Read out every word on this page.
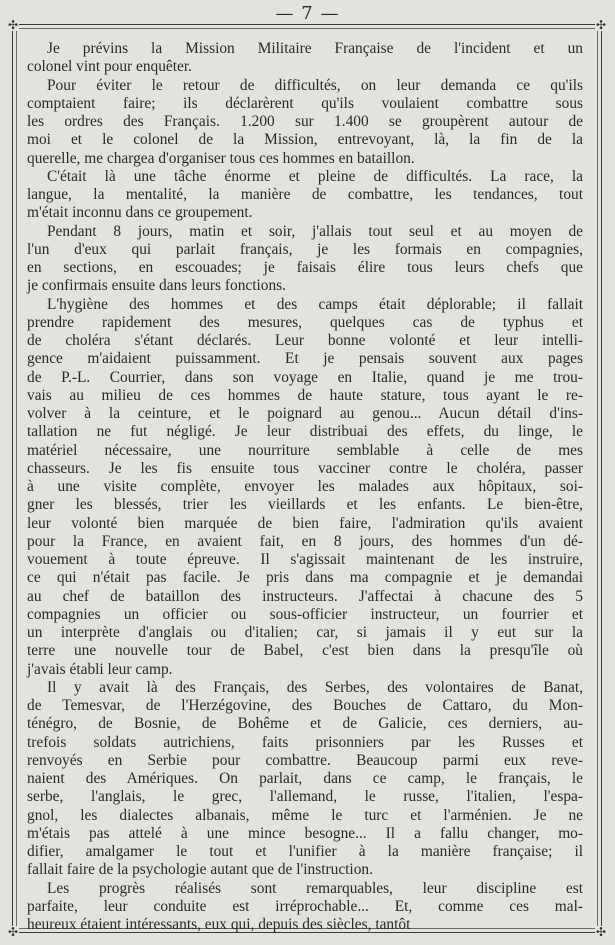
— 7 —
✣	✣
✣	✣
Je prévins la Mission Militaire Française de l'incident et un
colonel vint pour enquêter.
Pour éviter le retour de difficultés, on leur demanda ce qu'ils
comptaient faire; ils déclarèrent qu'ils voulaient combattre sous
les ordres des Français. 1.200 sur 1.400 se groupèrent autour de
moi et le colonel de la Mission, entrevoyant, là, la fin de la
querelle, me chargea d'organiser tous ces hommes en bataillon.
C'était là une tâche énorme et pleine de difficultés. La race, la
langue, la mentalité, la manière de combattre, les tendances, tout
m'était inconnu dans ce groupement.
Pendant 8 jours, matin et soir, j'allais tout seul et au moyen de
l'un d'eux qui parlait français, je les formais en compagnies,
en sections, en escouades; je faisais élire tous leurs chefs que
je confirmais ensuite dans leurs fonctions.
L'hygiène des hommes et des camps était déplorable; il fallait
prendre rapidement des mesures, quelques cas de typhus et
de choléra s'étant déclarés. Leur bonne volonté et leur intelli-
gence m'aidaient puissamment. Et je pensais souvent aux pages
de P.-L. Courrier, dans son voyage en Italie, quand je me trou-
vais au milieu de ces hommes de haute stature, tous ayant le re-
volver à la ceinture, et le poignard au genou... Aucun détail d'ins-
tallation ne fut négligé. Je leur distribuai des effets, du linge, le
matériel nécessaire, une nourriture semblable à celle de mes
chasseurs. Je les fis ensuite tous vacciner contre le choléra, passer
à une visite complète, envoyer les malades aux hôpitaux, soi-
gner les blessés, trier les vieillards et les enfants. Le bien-être,
leur volonté bien marquée de bien faire, l'admiration qu'ils avaient
pour la France, en avaient fait, en 8 jours, des hommes d'un dé-
vouement à toute épreuve. Il s'agissait maintenant de les instruire,
ce qui n'était pas facile. Je pris dans ma compagnie et je demandai
au chef de bataillon des instructeurs. J'affectai à chacune des 5
compagnies un officier ou sous-officier instructeur, un fourrier et
un interprète d'anglais ou d'italien; car, si jamais il y eut sur la
terre une nouvelle tour de Babel, c'est bien dans la presqu'île où
j'avais établi leur camp.
Il y avait là des Français, des Serbes, des volontaires de Banat,
de Temesvar, de l'Herzégovine, des Bouches de Cattaro, du Mon-
ténégro, de Bosnie, de Bohême et de Galicie, ces derniers, au-
trefois soldats autrichiens, faits prisonniers par les Russes et
renvoyés en Serbie pour combattre. Beaucoup parmi eux reve-
naient des Amériques. On parlait, dans ce camp, le français, le
serbe, l'anglais, le grec, l'allemand, le russe, l'italien, l'espa-
gnol, les dialectes albanais, même le turc et l'arménien. Je ne
m'étais pas attelé à une mince besogne... Il a fallu changer, mo-
difier, amalgamer le tout et l'unifier à la manière française; il
fallait faire de la psychologie autant que de l'instruction.
Les progrès réalisés sont remarquables, leur discipline est
parfaite, leur conduite est irréprochable... Et, comme ces mal-
heureux étaient intéressants, eux qui, depuis des siècles, tantôt
